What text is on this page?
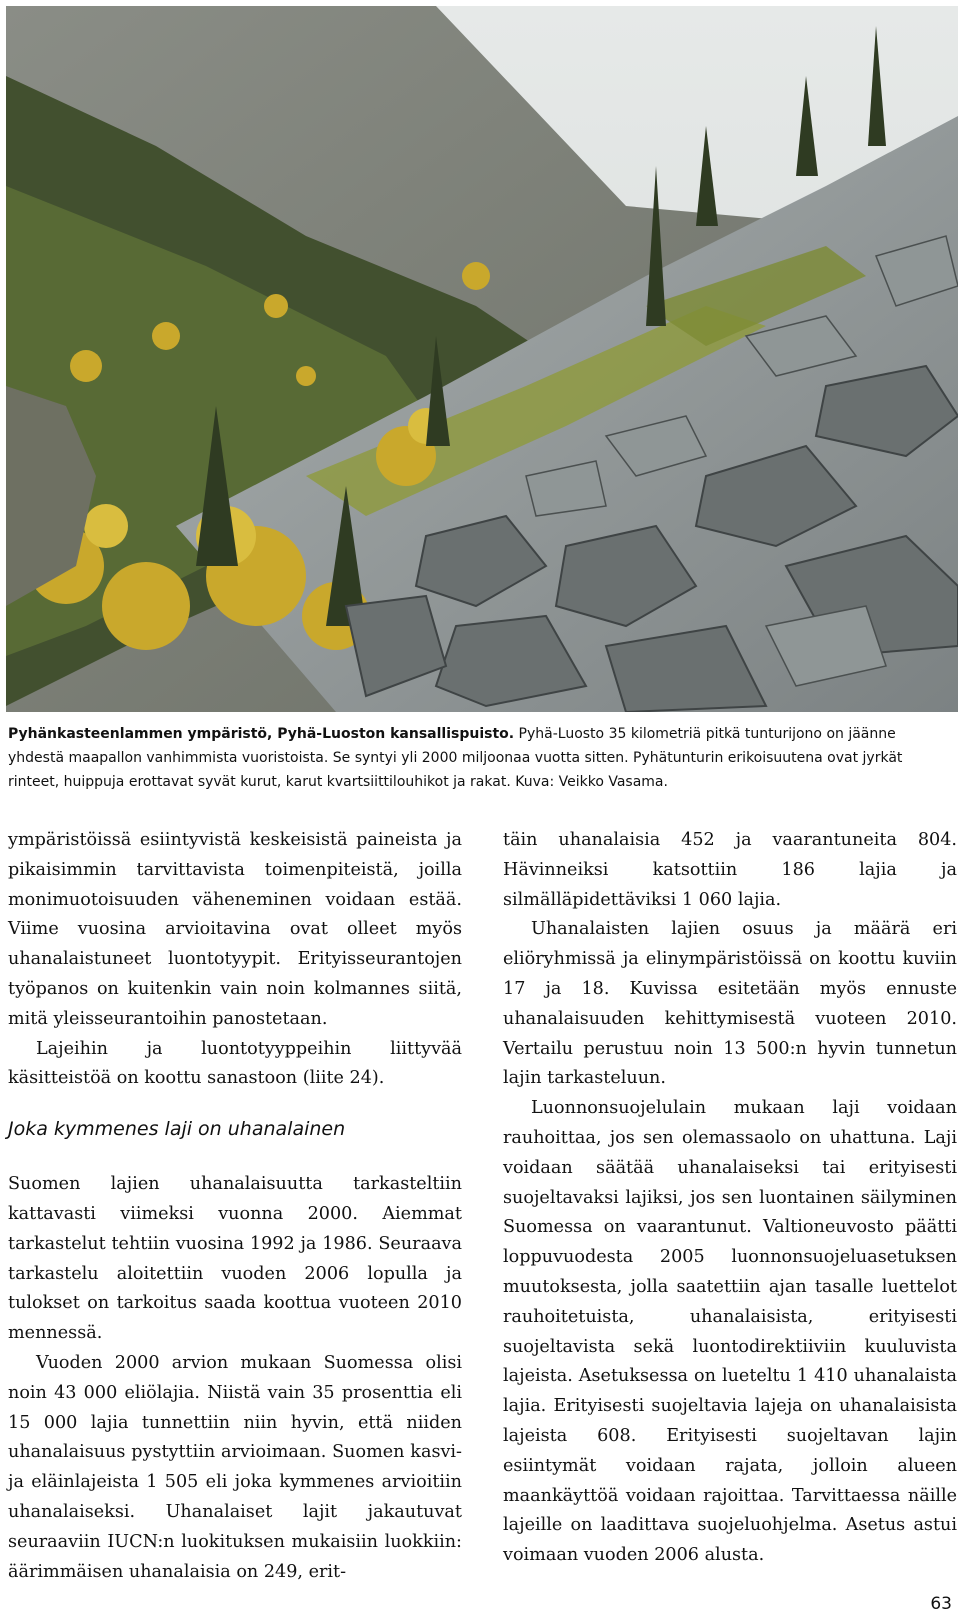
Pyhänkasteenlammen ympäristö, Pyhä-Luoston kansallispuisto. Pyhä-Luosto 35 kilometriä pitkä tunturijono on jäänne yhdestä maapallon vanhimmista vuoristoista. Se syntyi yli 2000 miljoonaa vuotta sitten. Pyhätunturin erikoisuutena ovat jyrkät rinteet, huippuja erottavat syvät kurut, karut kvartsiittilouhikot ja rakat. Kuva: Veikko Vasama.

ympäristöissä esiintyvistä keskeisistä paineista ja pikaisimmin tarvittavista toimenpiteistä, joilla monimuotoisuuden väheneminen voidaan estää. Viime vuosina arvioitavina ovat olleet myös uhanalaistuneet luontotyypit. Erityisseurantojen työpanos on kuitenkin vain noin kolmannes siitä, mitä yleisseurantoihin panostetaan.

Lajeihin ja luontotyyppeihin liittyvää käsitteistöä on koottu sanastoon (liite 24).

Joka kymmenes laji on uhanalainen

Suomen lajien uhanalaisuutta tarkasteltiin kattavasti viimeksi vuonna 2000. Aiemmat tarkastelut tehtiin vuosina 1992 ja 1986. Seuraava tarkastelu aloitettiin vuoden 2006 lopulla ja tulokset on tarkoitus saada koottua vuoteen 2010 mennessä.

Vuoden 2000 arvion mukaan Suomessa olisi noin 43 000 eliölajia. Niistä vain 35 prosenttia eli 15 000 lajia tunnettiin niin hyvin, että niiden uhanalaisuus pystyttiin arvioimaan. Suomen kasvi- ja eläinlajeista 1 505 eli joka kymmenes arvioitiin uhanalaiseksi. Uhanalaiset lajit jakautuvat seuraaviin IUCN:n luokituksen mukaisiin luokkiin: äärimmäisen uhanalaisia on 249, erit-

täin uhanalaisia 452 ja vaarantuneita 804. Hävinneiksi katsottiin 186 lajia ja silmälläpidettäviksi 1 060 lajia.

Uhanalaisten lajien osuus ja määrä eri eliöryhmissä ja elinympäristöissä on koottu kuviin 17 ja 18. Kuvissa esitetään myös ennuste uhanalaisuuden kehittymisestä vuoteen 2010. Vertailu perustuu noin 13 500:n hyvin tunnetun lajin tarkasteluun.

Luonnonsuojelulain mukaan laji voidaan rauhoittaa, jos sen olemassaolo on uhattuna. Laji voidaan säätää uhanalaiseksi tai erityisesti suojeltavaksi lajiksi, jos sen luontainen säilyminen Suomessa on vaarantunut. Valtioneuvosto päätti loppuvuodesta 2005 luonnonsuojeluasetuksen muutoksesta, jolla saatettiin ajan tasalle luettelot rauhoitetuista, uhanalaisista, erityisesti suojeltavista sekä luontodirektiiviin kuuluvista lajeista. Asetuksessa on lueteltu 1 410 uhanalaista lajia. Erityisesti suojeltavia lajeja on uhanalaisista lajeista 608. Erityisesti suojeltavan lajin esiintymät voidaan rajata, jolloin alueen maankäyttöä voidaan rajoittaa. Tarvittaessa näille lajeille on laadittava suojeluohjelma. Asetus astui voimaan vuoden 2006 alusta.

63
